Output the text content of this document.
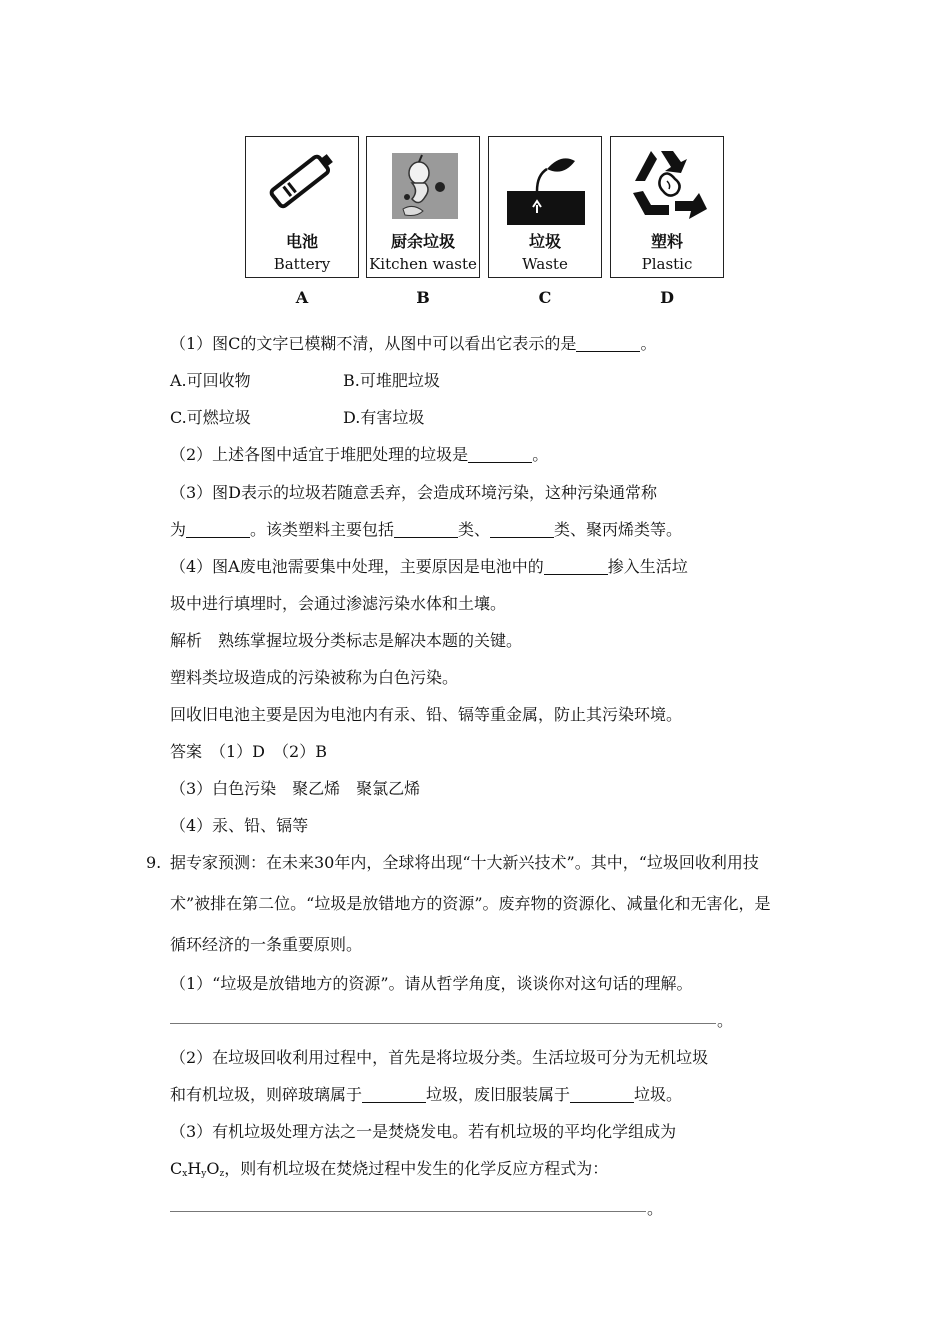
电池
Battery
厨余垃圾
Kitchen waste
垃圾
Waste
塑料
Plastic
A	B	C	D
（1）图C的文字已模糊不清，从图中可以看出它表示的是	。
A.可回收物	B.可堆肥垃圾
C.可燃垃圾	D.有害垃圾
（2）上述各图中适宜于堆肥处理的垃圾是	。
（3）图D表示的垃圾若随意丢弃，会造成环境污染，这种污染通常称
为	。该类塑料主要包括	类、	类、聚丙烯类等。
（4）图A废电池需要集中处理，主要原因是电池中的	掺入生活垃
圾中进行填埋时，会通过渗滤污染水体和土壤。
解析　熟练掌握垃圾分类标志是解决本题的关键。
塑料类垃圾造成的污染被称为白色污染。
回收旧电池主要是因为电池内有汞、铅、镉等重金属，防止其污染环境。
答案　（1）D　（2）B
（3）白色污染　聚乙烯　聚氯乙烯
（4）汞、铅、镉等
9. 据专家预测：在未来30年内，全球将出现“十大新兴技术”。其中，“垃圾回收利用技
术”被排在第二位。“垃圾是放错地方的资源”。废弃物的资源化、减量化和无害化，是
循环经济的一条重要原则。
（1）“垃圾是放错地方的资源”。请从哲学角度，谈谈你对这句话的理解。
。
（2）在垃圾回收利用过程中，首先是将垃圾分类。生活垃圾可分为无机垃圾
和有机垃圾，则碎玻璃属于	垃圾，废旧服装属于	垃圾。
（3）有机垃圾处理方法之一是焚烧发电。若有机垃圾的平均化学组成为
$C_xH_yO_z$，则有机垃圾在焚烧过程中发生的化学反应方程式为：
。
